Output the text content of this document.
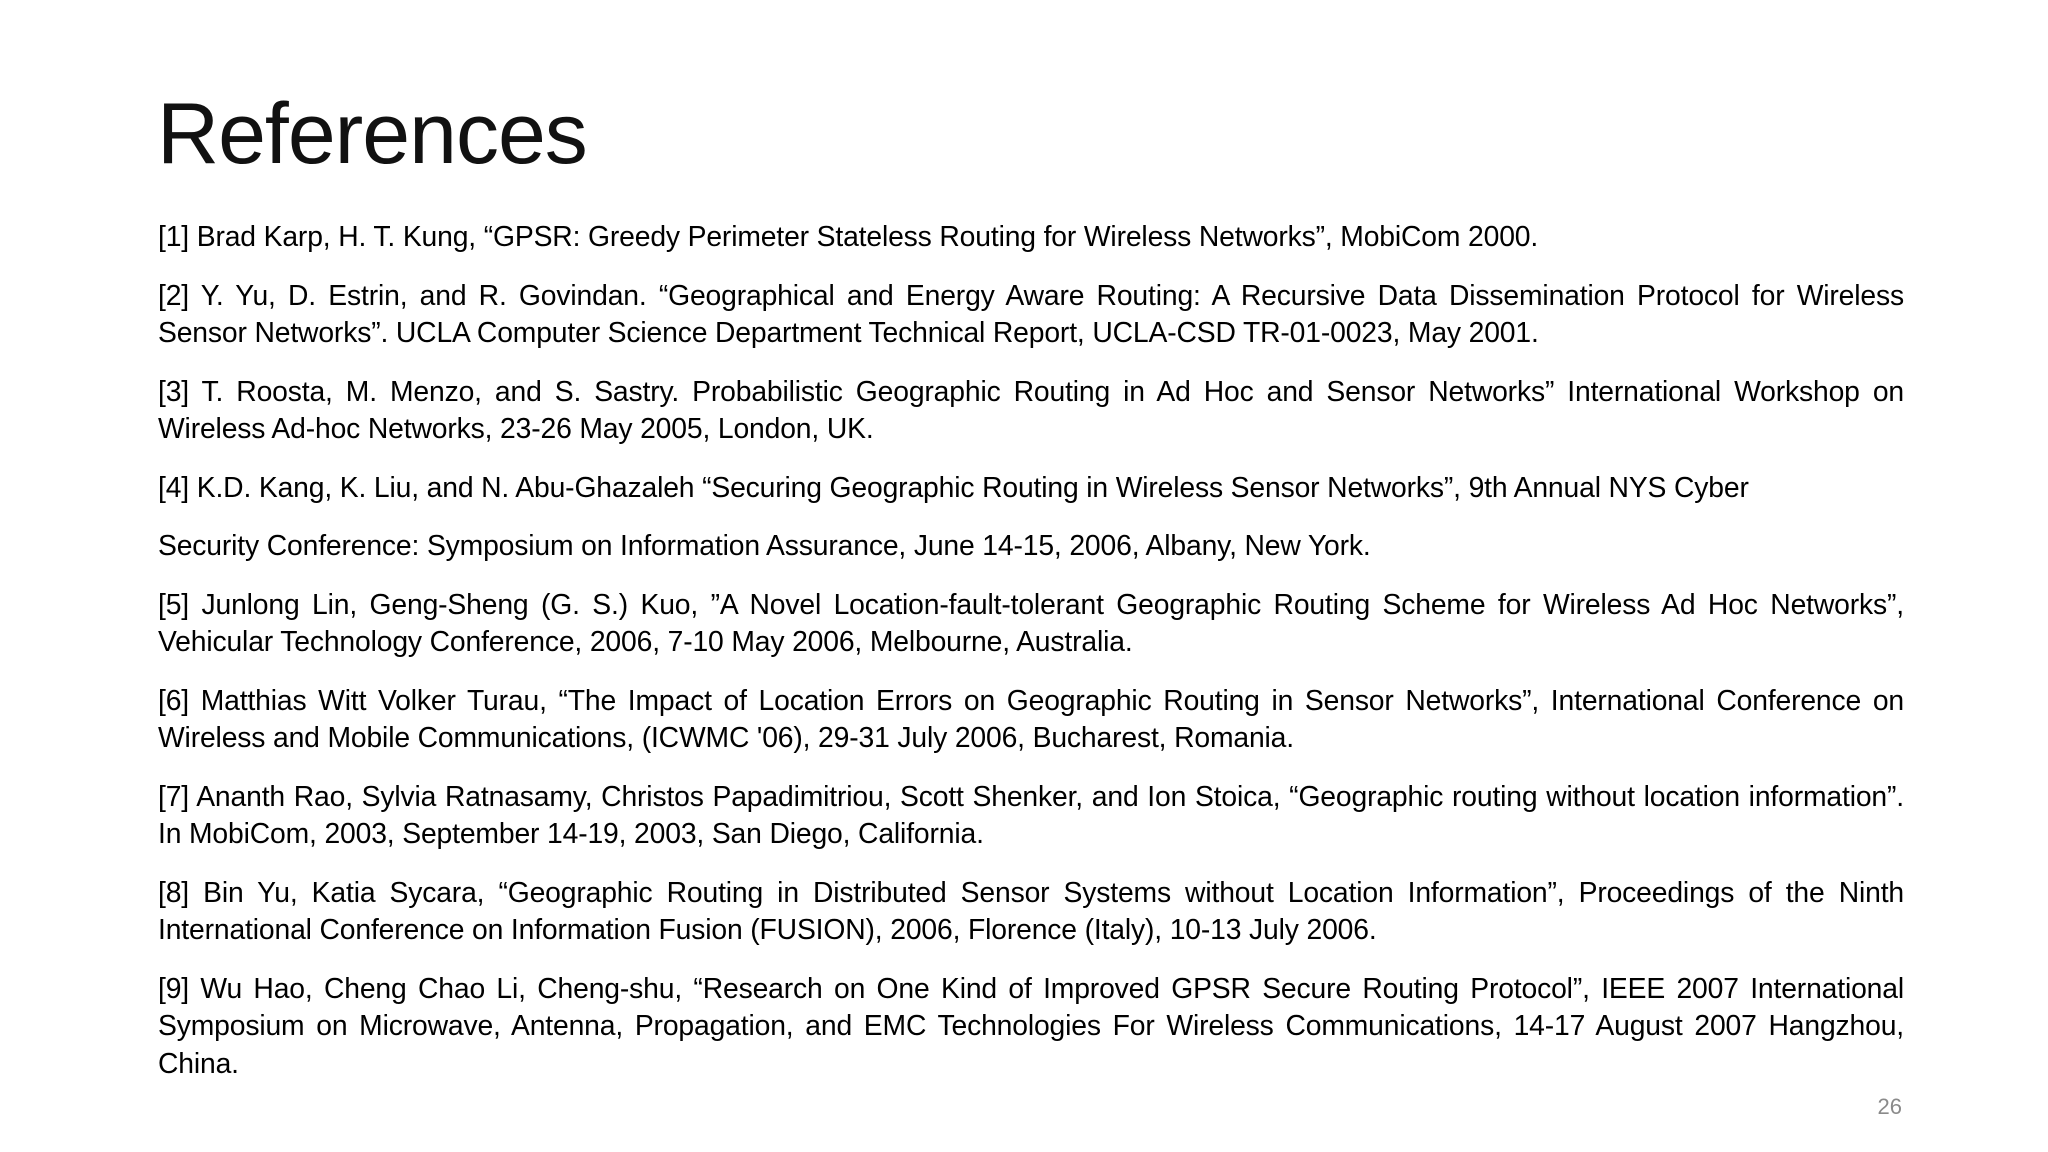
References
[1] Brad Karp, H. T. Kung, “GPSR: Greedy Perimeter Stateless Routing for Wireless Networks”, MobiCom 2000.
[2] Y. Yu, D. Estrin, and R. Govindan. “Geographical and Energy Aware Routing: A Recursive Data Dissemination Protocol for Wireless Sensor Networks”. UCLA Computer Science Department Technical Report, UCLA-CSD TR-01-0023, May 2001.
[3] T. Roosta, M. Menzo, and S. Sastry. Probabilistic Geographic Routing in Ad Hoc and Sensor Networks” International Workshop on Wireless Ad-hoc Networks, 23-26 May 2005, London, UK.
[4] K.D. Kang, K. Liu, and N. Abu-Ghazaleh “Securing Geographic Routing in Wireless Sensor Networks”, 9th Annual NYS Cyber
Security Conference: Symposium on Information Assurance, June 14-15, 2006, Albany, New York.
[5] Junlong Lin, Geng-Sheng (G. S.) Kuo, ”A Novel Location-fault-tolerant Geographic Routing Scheme for Wireless Ad Hoc Networks”, Vehicular Technology Conference, 2006, 7-10 May 2006, Melbourne, Australia.
[6] Matthias Witt Volker Turau, “The Impact of Location Errors on Geographic Routing in Sensor Networks”, International Conference on Wireless and Mobile Communications, (ICWMC '06), 29-31 July 2006, Bucharest, Romania.
[7] Ananth Rao, Sylvia Ratnasamy, Christos Papadimitriou, Scott Shenker, and Ion Stoica, “Geographic routing without location information”. In MobiCom, 2003, September 14-19, 2003, San Diego, California.
[8] Bin Yu, Katia Sycara, “Geographic Routing in Distributed Sensor Systems without Location Information”, Proceedings of the Ninth International Conference on Information Fusion (FUSION), 2006, Florence (Italy), 10-13 July 2006.
[9] Wu Hao, Cheng Chao Li, Cheng-shu, “Research on One Kind of Improved GPSR Secure Routing Protocol”, IEEE 2007 International Symposium on Microwave, Antenna, Propagation, and EMC Technologies For Wireless Communications, 14-17 August 2007 Hangzhou, China.
26
